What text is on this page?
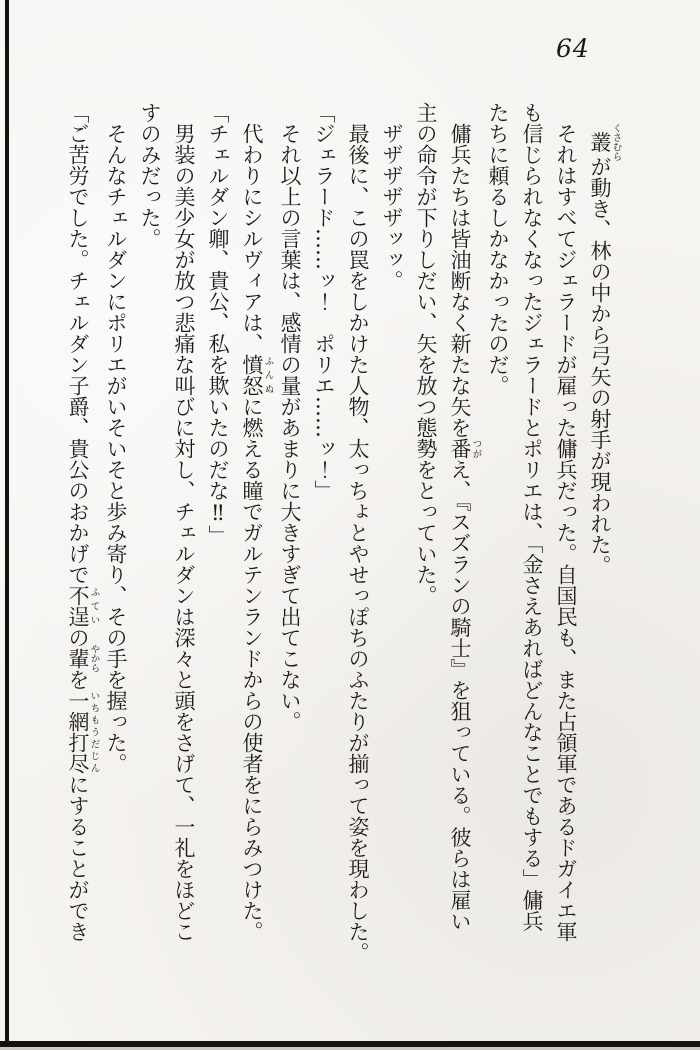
64

叢くさむらが動き、林の中から弓矢の射手が現われた。

それはすべてジェラードが雇った傭兵だった。自国民も、また占領軍であるドガイエ軍

も信じられなくなったジェラードとポリエは、「金さえあればどんなことでもする」傭兵

たちに頼るしかなかったのだ。

傭兵たちは皆油断なく新たな矢を番つがえ、『スズランの騎士』を狙っている。彼らは雇い

主の命令が下りしだい、矢を放つ態勢をとっていた。

ザザザザザッッ。

最後に、この罠をしかけた人物、太っちょとやせっぽちのふたりが揃って姿を現わした。

「ジェラード……ッ！　ポリエ……ッ！」

それ以上の言葉は、感情の量があまりに大きすぎて出てこない。

代わりにシルヴィアは、憤怒ふんぬに燃える瞳でガルテンランドからの使者をにらみつけた。

「チェルダン卿、貴公、私を欺いたのだな‼」

男装の美少女が放つ悲痛な叫びに対し、チェルダンは深々と頭をさげて、一礼をほどこ

すのみだった。

そんなチェルダンにポリエがいそいそと歩み寄り、その手を握った。

「ご苦労でした。チェルダン子爵、貴公のおかげで不逞ふていの輩やからを一網打尽いちもうだじんにすることができ
